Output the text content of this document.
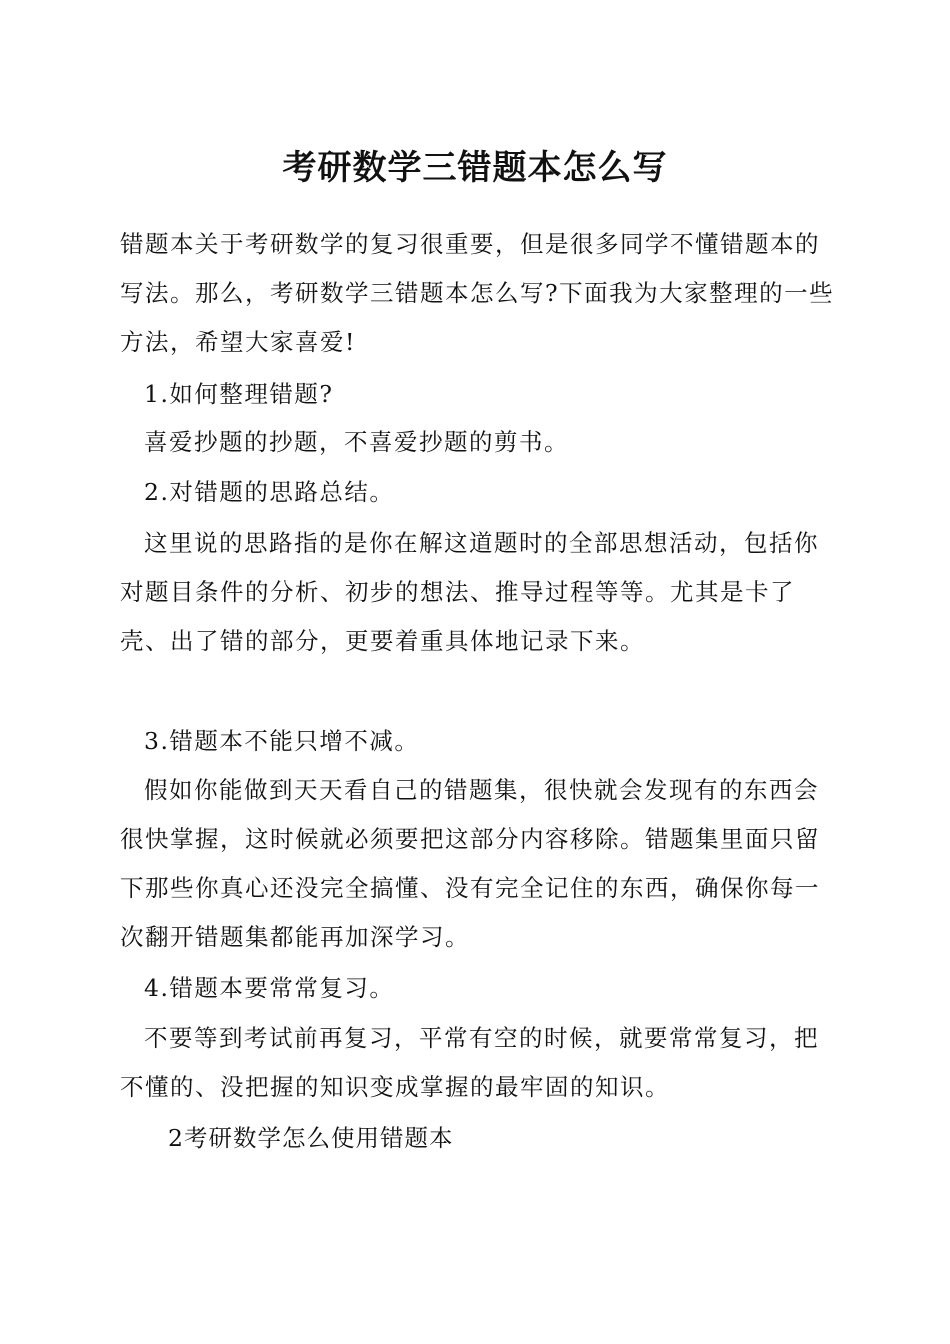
考研数学三错题本怎么写

错题本关于考研数学的复习很重要，但是很多同学不懂错题本的写法。那么，考研数学三错题本怎么写?下面我为大家整理的一些方法，希望大家喜爱!

1.如何整理错题?

喜爱抄题的抄题，不喜爱抄题的剪书。

2.对错题的思路总结。

这里说的思路指的是你在解这道题时的全部思想活动，包括你对题目条件的分析、初步的想法、推导过程等等。尤其是卡了壳、出了错的部分，更要着重具体地记录下来。

3.错题本不能只增不减。

假如你能做到天天看自己的错题集，很快就会发现有的东西会很快掌握，这时候就必须要把这部分内容移除。错题集里面只留下那些你真心还没完全搞懂、没有完全记住的东西，确保你每一次翻开错题集都能再加深学习。

4.错题本要常常复习。

不要等到考试前再复习，平常有空的时候，就要常常复习，把不懂的、没把握的知识变成掌握的最牢固的知识。

2考研数学怎么使用错题本
